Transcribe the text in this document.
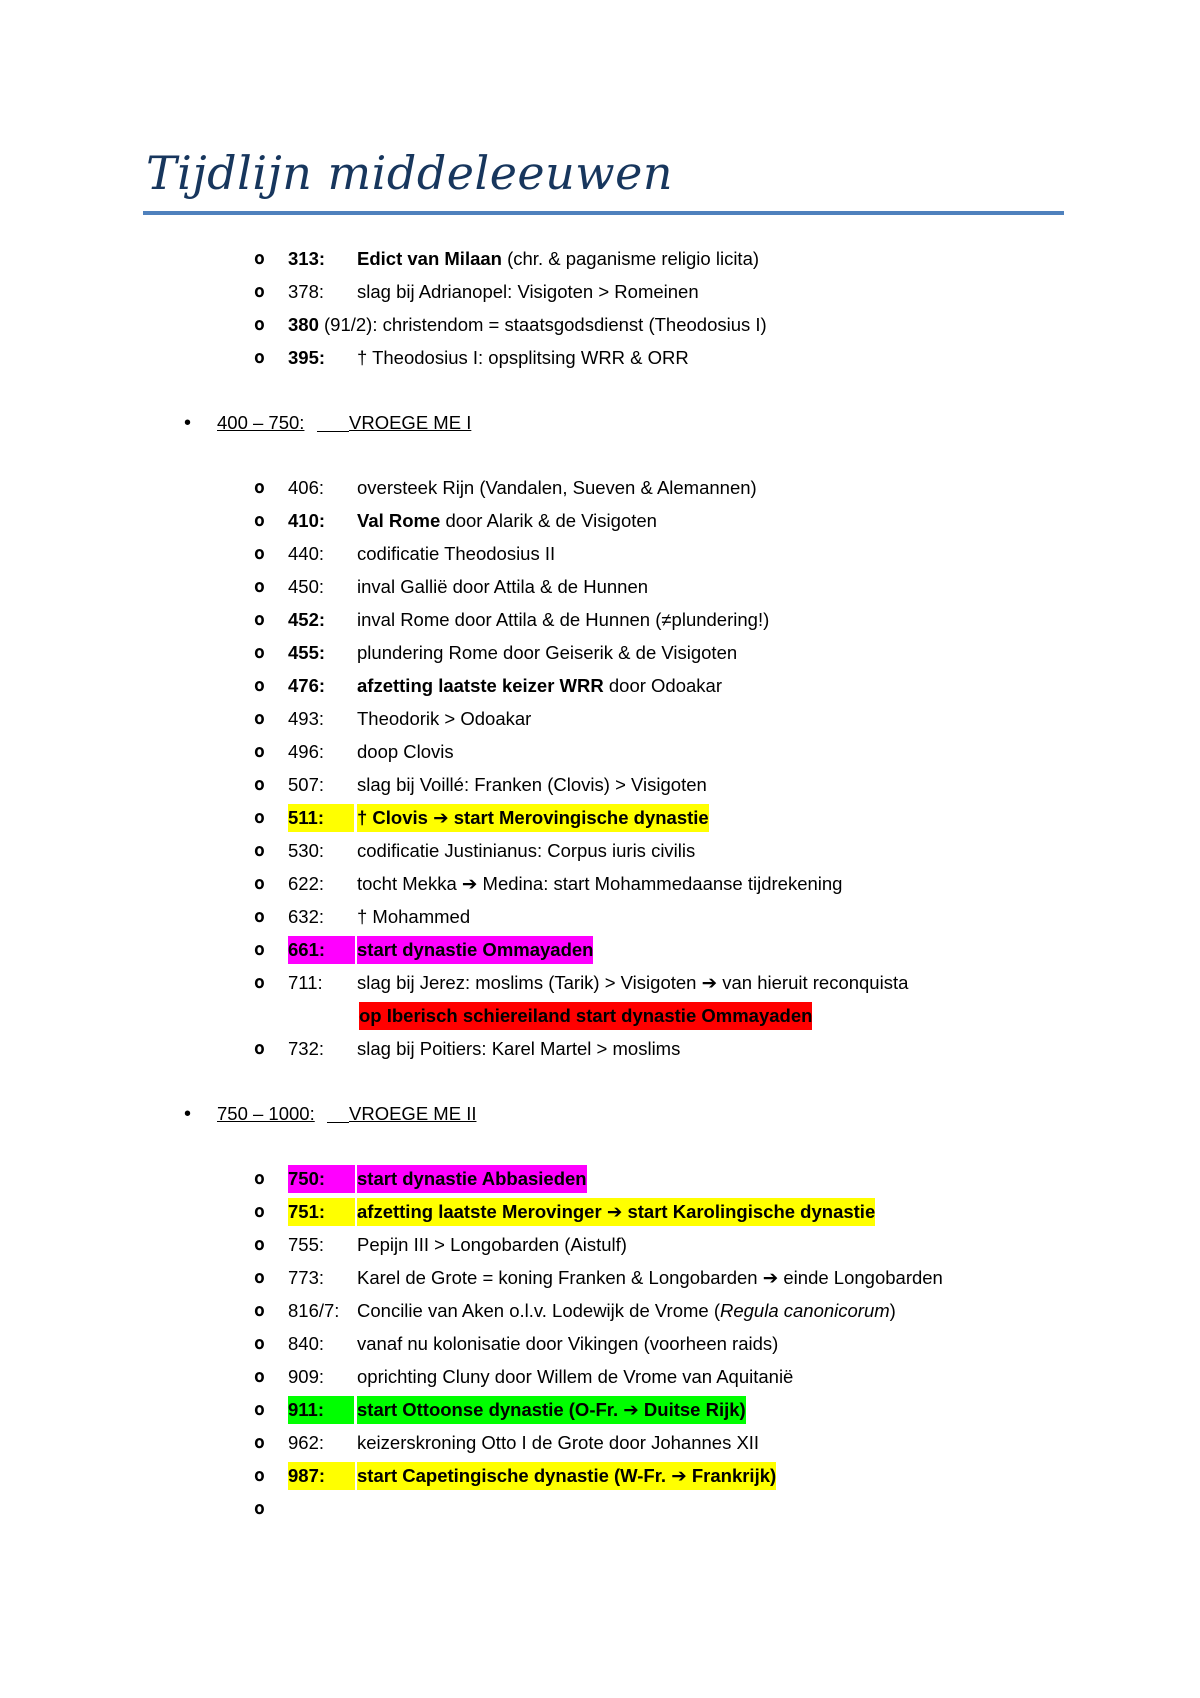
Tijdlijn middeleeuwen
o	313: Edict van Milaan (chr. & paganisme religio licita)
o	378: slag bij Adrianopel: Visigoten > Romeinen
o	380 (91/2): christendom = staatsgodsdienst (Theodosius I)
o	395: † Theodosius I: opsplitsing WRR & ORR
• 400 – 750: VROEGE ME I
o	406: oversteek Rijn (Vandalen, Sueven & Alemannen)
o	410: Val Rome door Alarik & de Visigoten
o	440: codificatie Theodosius II
o	450: inval Gallië door Attila & de Hunnen
o	452: inval Rome door Attila & de Hunnen (≠plundering!)
o	455: plundering Rome door Geiserik & de Visigoten
o	476: afzetting laatste keizer WRR door Odoakar
o	493: Theodorik > Odoakar
o	496: doop Clovis
o	507: slag bij Voillé: Franken (Clovis) > Visigoten
o	511:	† Clovis ➔ start Merovingische dynastie
o	530: codificatie Justinianus: Corpus iuris civilis
o	622: tocht Mekka ➔ Medina: start Mohammedaanse tijdrekening
o	632: † Mohammed
o	661:	start dynastie Ommayaden
o	711: slag bij Jerez: moslims (Tarik) > Visigoten ➔ van hieruit reconquista
op Iberisch schiereiland start dynastie Ommayaden
o	732: slag bij Poitiers: Karel Martel > moslims
• 750 – 1000: VROEGE ME II
o	750:	start dynastie Abbasieden
o	751:	afzetting laatste Merovinger ➔ start Karolingische dynastie
o	755: Pepijn III > Longobarden (Aistulf)
o	773: Karel de Grote = koning Franken & Longobarden ➔ einde Longobarden
o	816/7: Concilie van Aken o.l.v. Lodewijk de Vrome (Regula canonicorum)
o	840: vanaf nu kolonisatie door Vikingen (voorheen raids)
o	909: oprichting Cluny door Willem de Vrome van Aquitanië
o	911:	start Ottoonse dynastie (O-Fr. ➔ Duitse Rijk)
o	962: keizerskroning Otto I de Grote door Johannes XII
o	987:	start Capetingische dynastie (W-Fr. ➔ Frankrijk)
o
